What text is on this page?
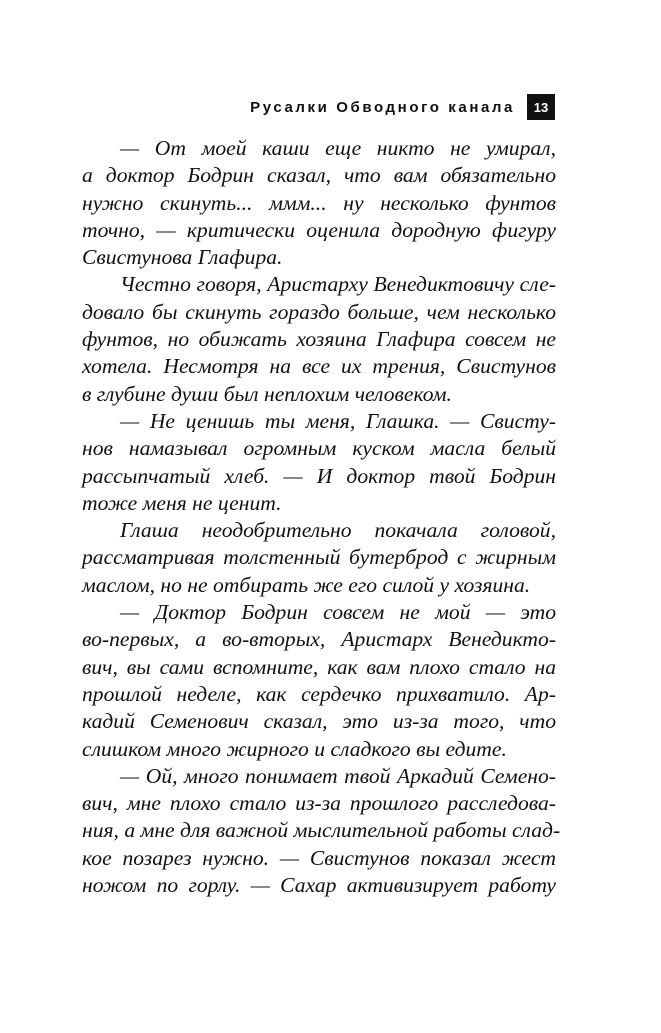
Русалки Обводного канала	13
— От моей каши еще никто не умирал,
а доктор Бодрин сказал, что вам обязательно
нужно скинуть... ммм... ну несколько фунтов
точно, — критически оценила дородную фигуру
Свистунова Глафира.
Честно говоря, Аристарху Венедиктовичу сле-
довало бы скинуть гораздо больше, чем несколько
фунтов, но обижать хозяина Глафира совсем не
хотела. Несмотря на все их трения, Свистунов
в глубине души был неплохим человеком.
— Не ценишь ты меня, Глашка. — Свисту-
нов намазывал огромным куском масла белый
рассыпчатый хлеб. — И доктор твой Бодрин
тоже меня не ценит.
Глаша неодобрительно покачала головой,
рассматривая толстенный бутерброд с жирным
маслом, но не отбирать же его силой у хозяина.
— Доктор Бодрин совсем не мой — это
во-первых, а во-вторых, Аристарх Венедикто-
вич, вы сами вспомните, как вам плохо стало на
прошлой неделе, как сердечко прихватило. Ар-
кадий Семенович сказал, это из-за того, что
слишком много жирного и сладкого вы едите.
— Ой, много понимает твой Аркадий Семено-
вич, мне плохо стало из-за прошлого расследова-
ния, а мне для важной мыслительной работы слад-
кое позарез нужно. — Свистунов показал жест
ножом по горлу. — Сахар активизирует работу
